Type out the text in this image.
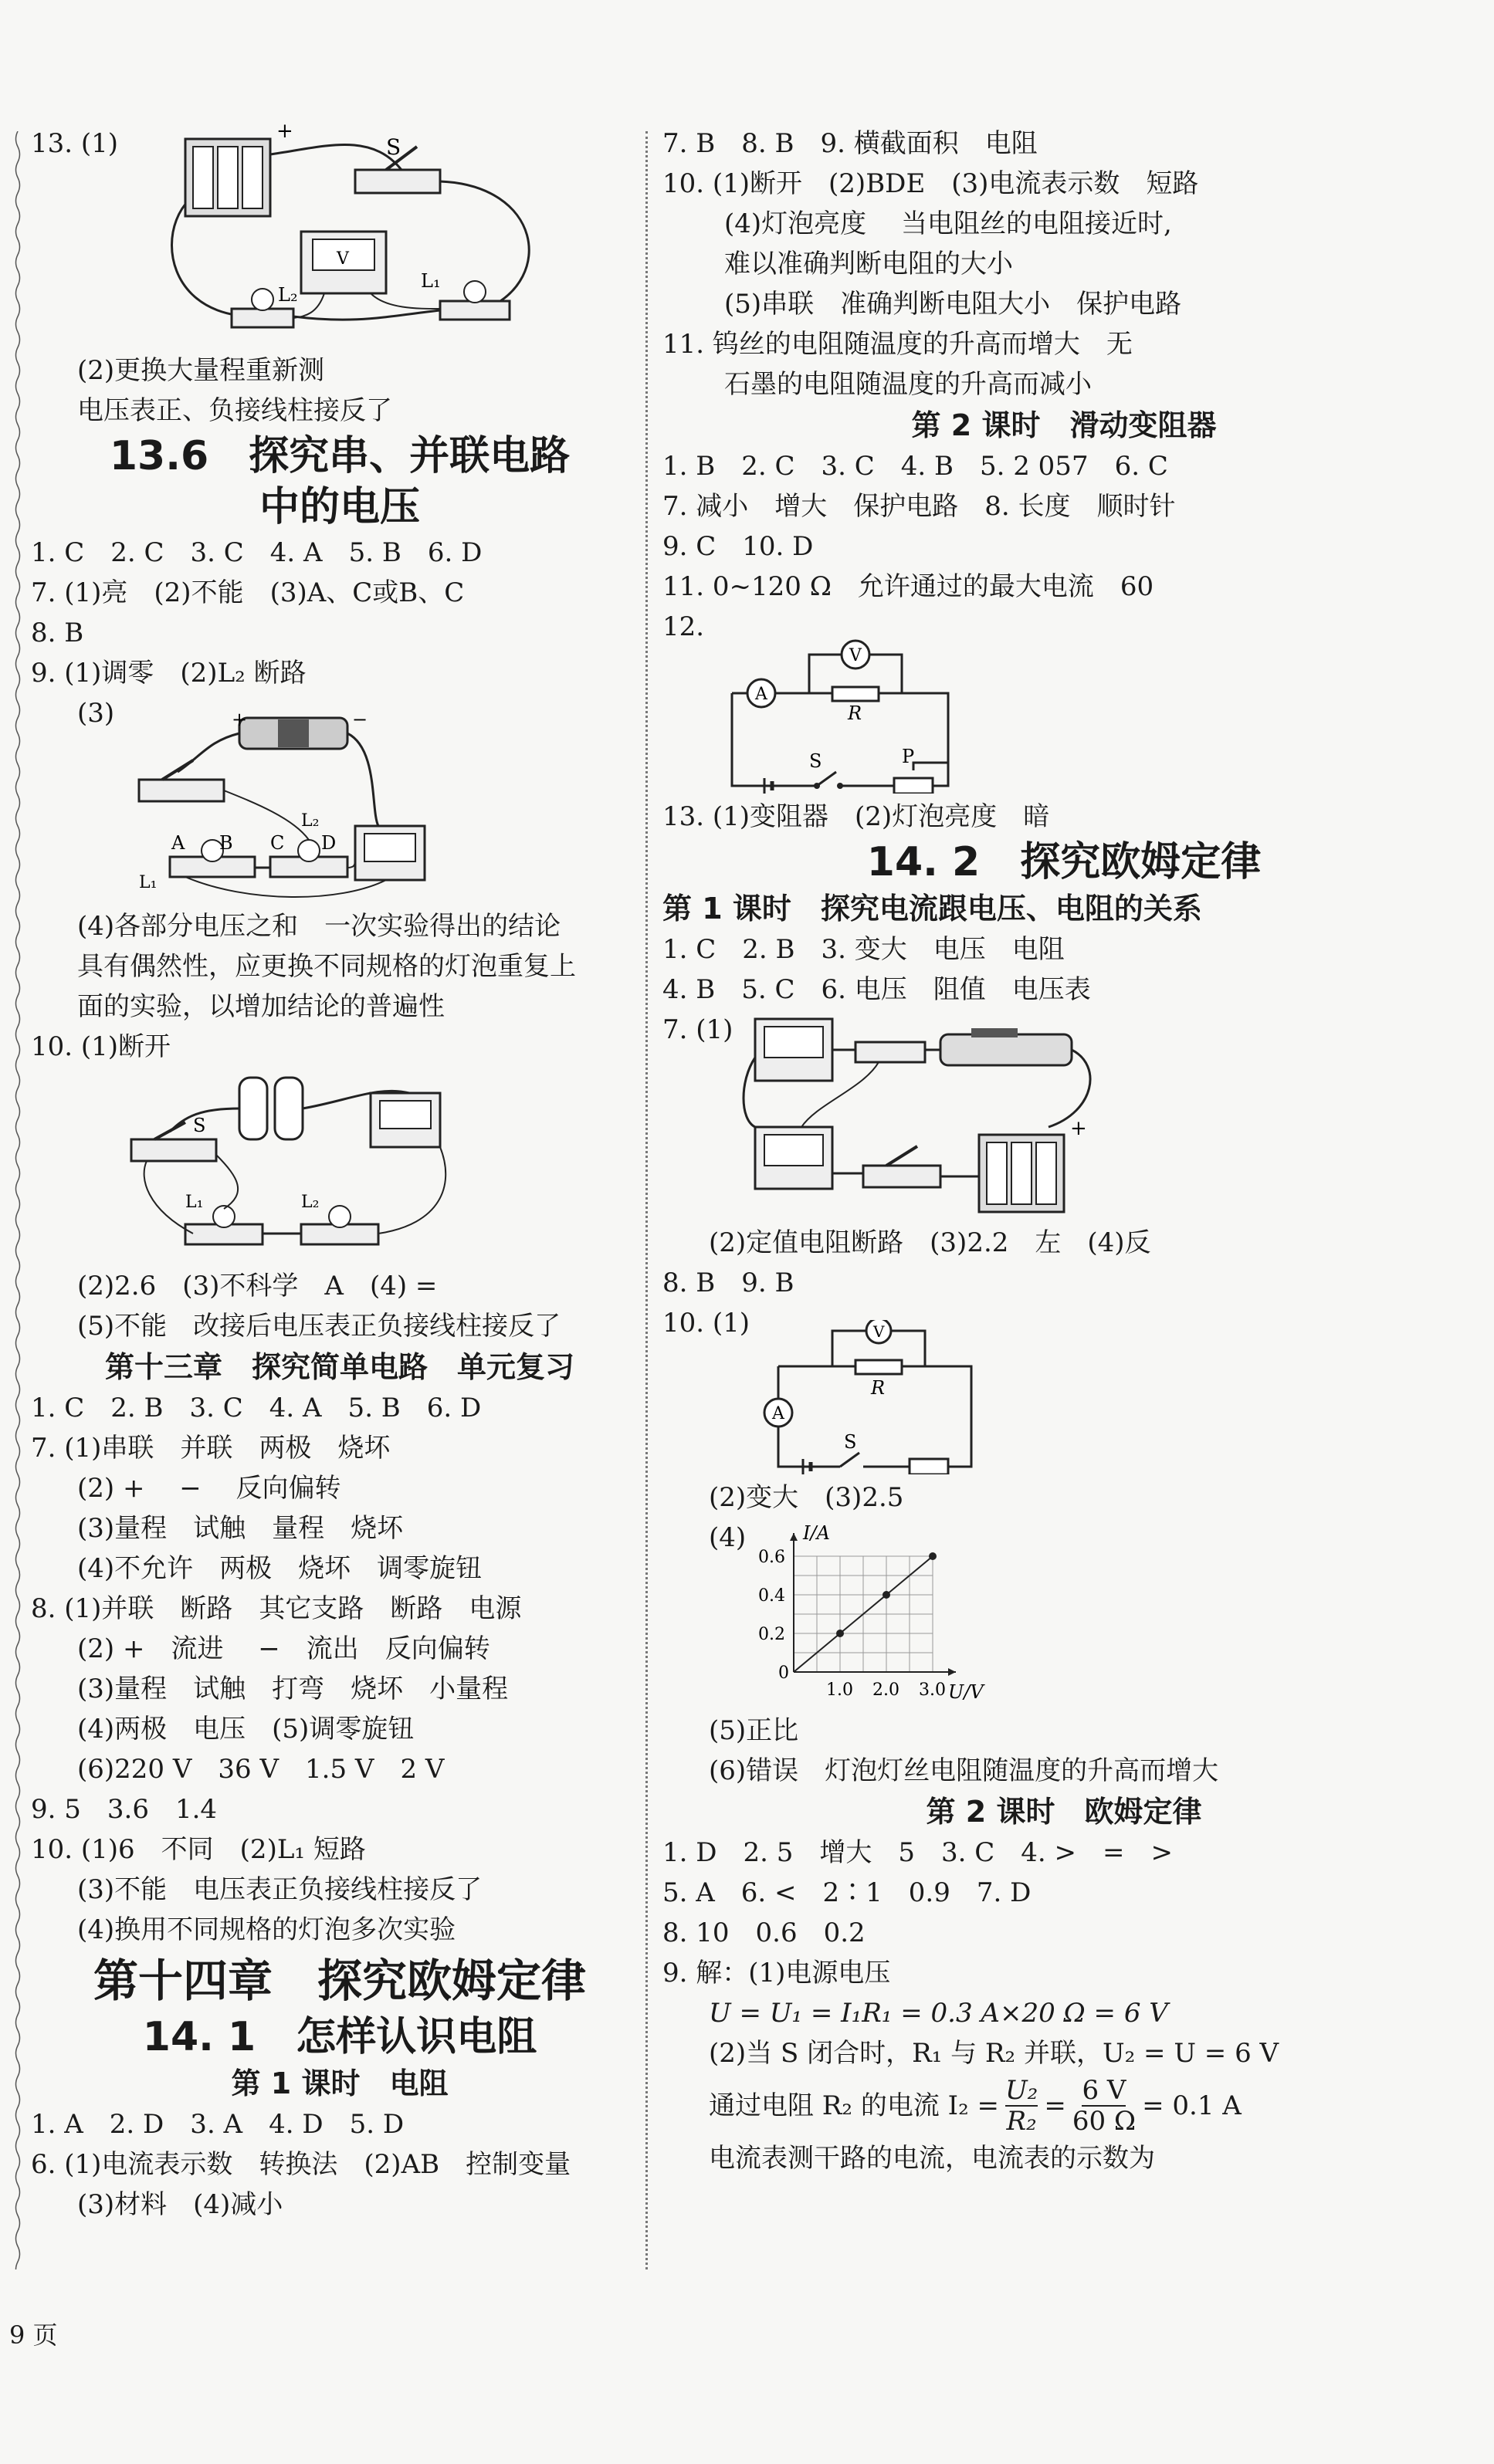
13. (1)	+
S
V
L₂
L₁
(2)更换大量程重新测
电压表正、负接线柱接反了
13.6　探究串、并联电路
中的电压
1. C　2. C　3. C　4. A　5. B　6. D
7. (1)亮　(2)不能　(3)A、C或B、C
8. B
9. (1)调零　(2)L₂ 断路
(3)	+	−
A B
L₁
C D
L₂
(4)各部分电压之和　一次实验得出的结论
具有偶然性，应更换不同规格的灯泡重复上
面的实验，以增加结论的普遍性
10. (1)断开
S
L₁	L₂
(2)2.6　(3)不科学　A　(4) =
(5)不能　改接后电压表正负接线柱接反了
第十三章　探究简单电路　单元复习
1. C　2. B　3. C　4. A　5. B　6. D
7. (1)串联　并联　两极　烧坏
(2) +　 −　 反向偏转
(3)量程　试触　量程　烧坏
(4)不允许　两极　烧坏　调零旋钮
8. (1)并联　断路　其它支路　断路　电源
(2) +　流进　 −　流出　反向偏转
(3)量程　试触　打弯　烧坏　小量程
(4)两极　电压　(5)调零旋钮
(6)220 V　36 V　1.5 V　2 V
9. 5　3.6　1.4
10. (1)6　不同　(2)L₁ 短路
(3)不能　电压表正负接线柱接反了
(4)换用不同规格的灯泡多次实验
第十四章　探究欧姆定律
14. 1　怎样认识电阻
第 1 课时　电阻
1. A　2. D　3. A　4. D　5. D
6. (1)电流表示数　转换法　(2)AB　控制变量
(3)材料　(4)减小
7. B　8. B　9. 横截面积　电阻
10. (1)断开　(2)BDE　(3)电流表示数　短路
(4)灯泡亮度　 当电阻丝的电阻接近时,
难以准确判断电阻的大小
(5)串联　准确判断电阻大小　保护电路
11. 钨丝的电阻随温度的升高而增大　无
石墨的电阻随温度的升高而减小
第 2 课时　滑动变阻器
1. B　2. C　3. C　4. B　5. 2 057　6. C
7. 减小　增大　保护电路　8. 长度　顺时针
9. C　10. D
11. 0~120 Ω　允许通过的最大电流　60
12.
S	P
A
R
V
13. (1)变阻器　(2)灯泡亮度　暗
14. 2　探究欧姆定律
第 1 课时　探究电流跟电压、电阻的关系
1. C　2. B　3. 变大　电压　电阻
4. B　5. C　6. 电压　阻值　电压表
7. (1)
+
(2)定值电阻断路　(3)2.2　左　(4)反
8. B　9. B
10. (1)
S
A
R
V
(2)变大　(3)2.5
(4)	I/A
U/V
0
1.0 2.0 3.0
0.2
0.4
0.6
(5)正比
(6)错误　灯泡灯丝电阻随温度的升高而增大
第 2 课时　欧姆定律
1. D　2. 5　增大　5　3. C　4. >　=　>
5. A　6. <　2∶1　0.9　7. D
8. 10　0.6　0.2
9. 解：(1)电源电压
U = U₁ = I₁R₁ = 0.3 A×20 Ω = 6 V
(2)当 S 闭合时，R₁ 与 R₂ 并联，U₂ = U = 6 V
通过电阻 R₂ 的电流 $I_2 = \frac{\text{U₂}}{\text{R₂}} = \frac{6 V}{60 \Omega} = 0.1$ A
电流表测干路的电流，电流表的示数为
9 页
